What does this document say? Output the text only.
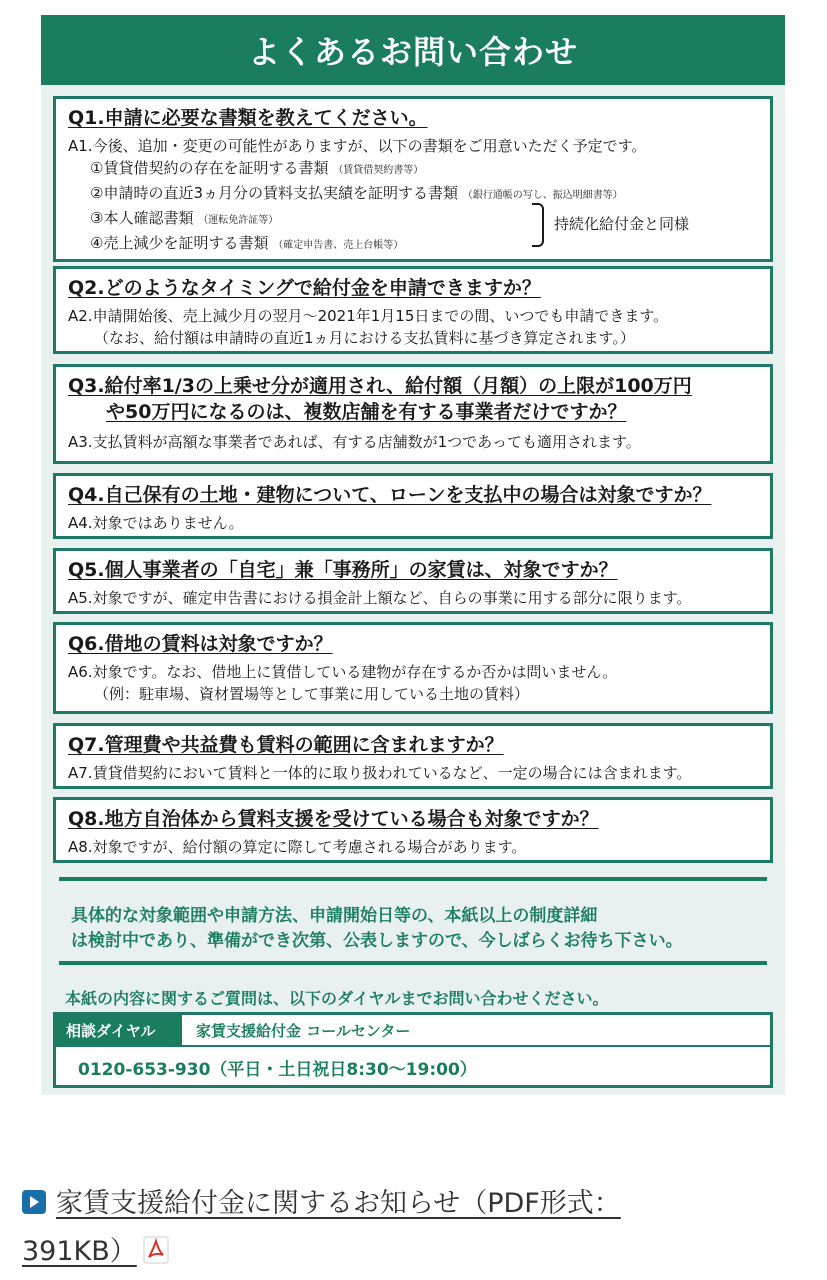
よくあるお問い合わせ
Q1.申請に必要な書類を教えてください。
A1.今後、追加・変更の可能性がありますが、以下の書類をご用意いただく予定です。
①賃貸借契約の存在を証明する書類 （賃貸借契約書等）
②申請時の直近3ヵ月分の賃料支払実績を証明する書類 （銀行通帳の写し、振込明細書等）
③本人確認書類 （運転免許証等）
④売上減少を証明する書類 （確定申告書、売上台帳等）
持続化給付金と同様
Q2.どのようなタイミングで給付金を申請できますか？
A2.申請開始後、売上減少月の翌月〜2021年1月15日までの間、いつでも申請できます。
（なお、給付額は申請時の直近1ヵ月における支払賃料に基づき算定されます。）
Q3.給付率1/3の上乗せ分が適用され、給付額（月額）の上限が100万円
や50万円になるのは、複数店舗を有する事業者だけですか？
A3.支払賃料が高額な事業者であれば、有する店舗数が1つであっても適用されます。
Q4.自己保有の土地・建物について、ローンを支払中の場合は対象ですか？
A4.対象ではありません。
Q5.個人事業者の「自宅」兼「事務所」の家賃は、対象ですか？
A5.対象ですが、確定申告書における損金計上額など、自らの事業に用する部分に限ります。
Q6.借地の賃料は対象ですか？
A6.対象です。なお、借地上に賃借している建物が存在するか否かは問いません。
（例：駐車場、資材置場等として事業に用している土地の賃料）
Q7.管理費や共益費も賃料の範囲に含まれますか？
A7.賃貸借契約において賃料と一体的に取り扱われているなど、一定の場合には含まれます。
Q8.地方自治体から賃料支援を受けている場合も対象ですか？
A8.対象ですが、給付額の算定に際して考慮される場合があります。
具体的な対象範囲や申請方法、申請開始日等の、本紙以上の制度詳細
は検討中であり、準備ができ次第、公表しますので、今しばらくお待ち下さい。
本紙の内容に関するご質問は、以下のダイヤルまでお問い合わせください。
相談ダイヤル	家賃支援給付金 コールセンター
0120-653-930（平日・土日祝日8:30〜19:00）
家賃支援給付金に関するお知らせ（PDF形式：
391KB）
